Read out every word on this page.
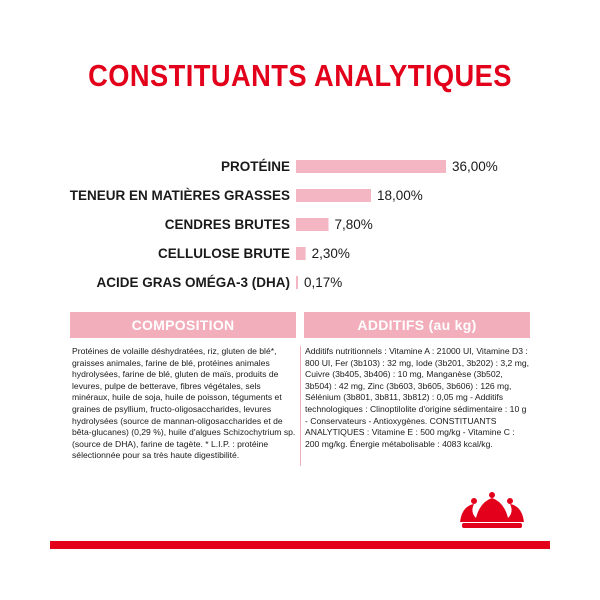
CONSTITUANTS ANALYTIQUES
PROTÉINE	36,00%
TENEUR EN MATIÈRES GRASSES	18,00%
CENDRES BRUTES	7,80%
CELLULOSE BRUTE 2,30%
ACIDE GRAS OMÉGA-3 (DHA) 0,17%
COMPOSITION	ADDITIFS (au kg)
Protéines de volaille déshydratées, riz, gluten de blé*, graisses animales, farine de blé, protéines animales hydrolysées, farine de blé, gluten de maïs, produits de levures, pulpe de betterave, fibres végétales, sels minéraux, huile de soja, huile de poisson, téguments et graines de psyllium, fructo-oligosaccharides, levures hydrolysées (source de mannan-oligosaccharides et de bêta-glucanes) (0,29 %), huile d'algues Schizochytrium sp. (source de DHA), farine de tagète. * L.I.P. : protéine sélectionnée pour sa très haute digestibilité.
Additifs nutritionnels : Vitamine A : 21000 UI, Vitamine D3 : 800 UI, Fer (3b103) : 32 mg, Iode (3b201, 3b202) : 3,2 mg, Cuivre (3b405, 3b406) : 10 mg, Manganèse (3b502, 3b504) : 42 mg, Zinc (3b603, 3b605, 3b606) : 126 mg, Sélénium (3b801, 3b811, 3b812) : 0,05 mg - Additifs technologiques : Clinoptilolite d'origine sédimentaire : 10 g - Conservateurs - Antioxygènes. CONSTITUANTS ANALYTIQUES : Vitamine E : 500 mg/kg - Vitamine C : 200 mg/kg. Énergie métabolisable : 4083 kcal/kg.
